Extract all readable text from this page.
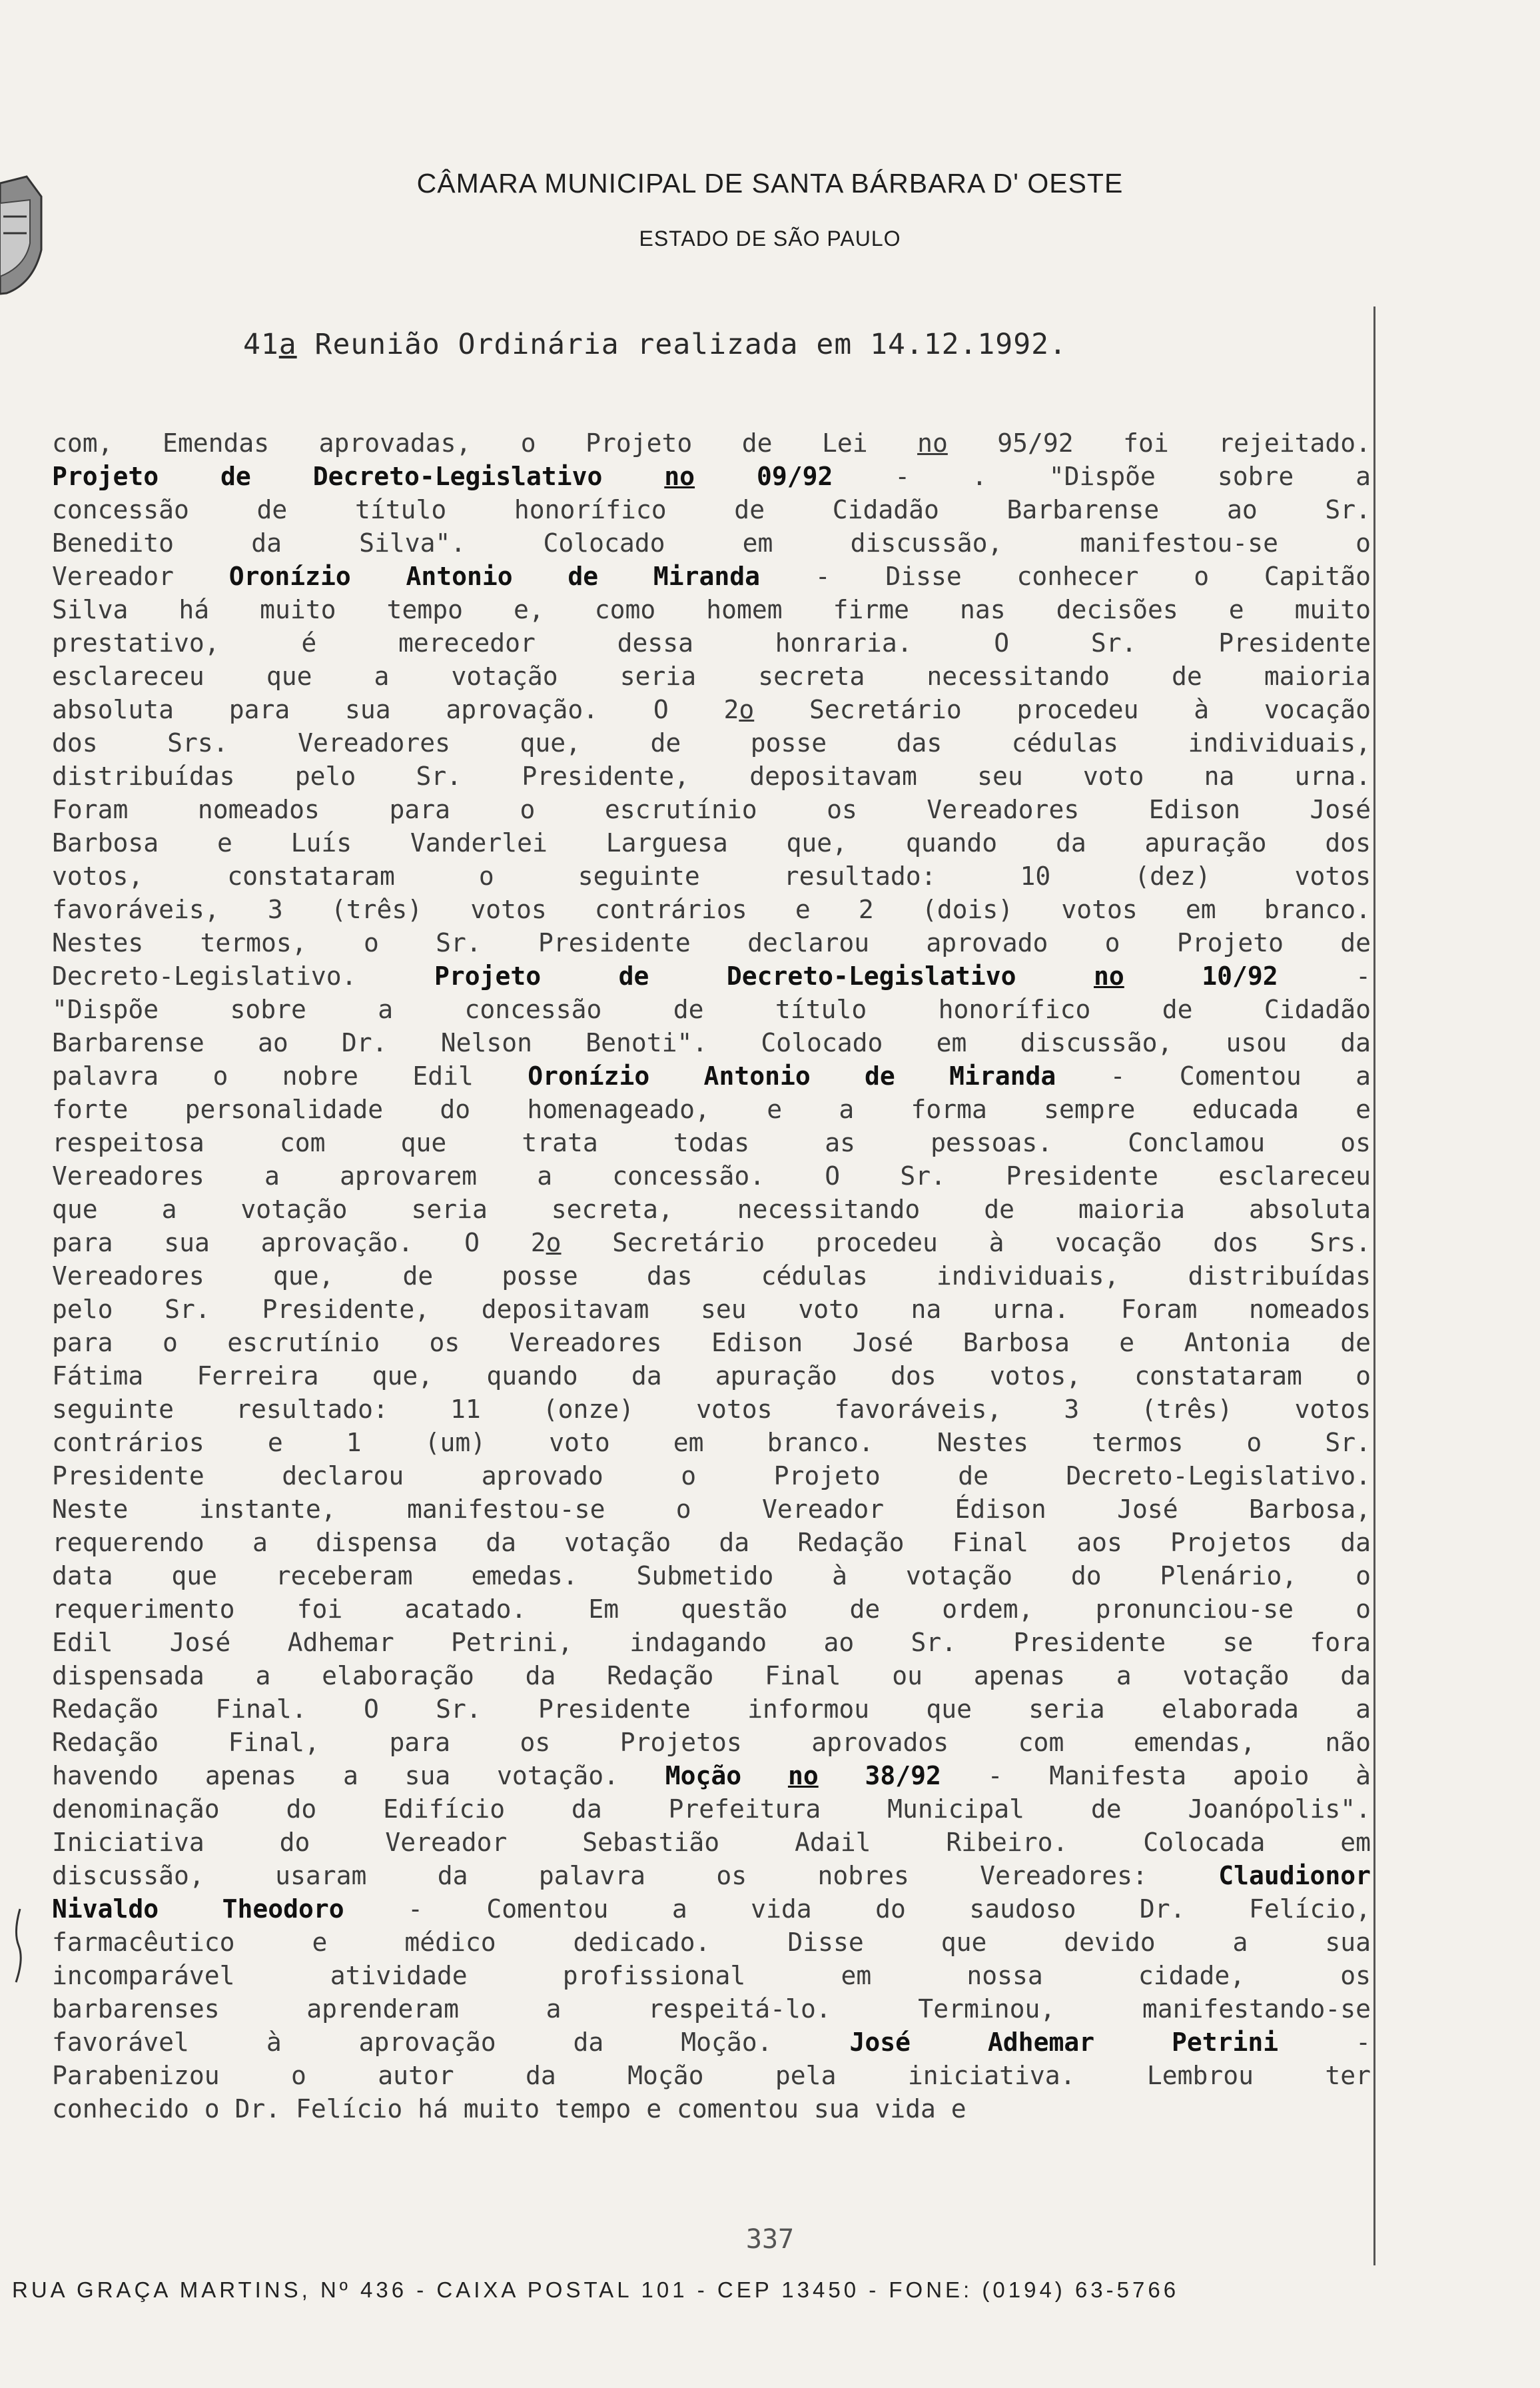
CÂMARA MUNICIPAL DE SANTA BÁRBARA D' OESTE
ESTADO DE SÃO PAULO
41a Reunião Ordinária realizada em 14.12.1992.
com, Emendas aprovadas, o Projeto de Lei no 95/92 foi rejeitado.
Projeto de Decreto-Legislativo no 09/92 - . "Dispõe sobre a
concessão de título honorífico de Cidadão Barbarense ao Sr.
Benedito da Silva". Colocado em discussão, manifestou-se o
Vereador Oronízio Antonio de Miranda - Disse conhecer o Capitão
Silva há muito tempo e, como homem firme nas decisões e muito
prestativo, é merecedor dessa honraria. O Sr. Presidente
esclareceu que a votação seria secreta necessitando de maioria
absoluta para sua aprovação. O 2o Secretário procedeu à vocação
dos Srs. Vereadores que, de posse das cédulas individuais,
distribuídas pelo Sr. Presidente, depositavam seu voto na urna.
Foram nomeados para o escrutínio os Vereadores Edison José
Barbosa e Luís Vanderlei Larguesa que, quando da apuração dos
votos, constataram o seguinte resultado: 10 (dez) votos
favoráveis, 3 (três) votos contrários e 2 (dois) votos em branco.
Nestes termos, o Sr. Presidente declarou aprovado o Projeto de
Decreto-Legislativo. Projeto de Decreto-Legislativo no 10/92 -
"Dispõe sobre a concessão de título honorífico de Cidadão
Barbarense ao Dr. Nelson Benoti". Colocado em discussão, usou da
palavra o nobre Edil Oronízio Antonio de Miranda - Comentou a
forte personalidade do homenageado, e a forma sempre educada e
respeitosa com que trata todas as pessoas. Conclamou os
Vereadores a aprovarem a concessão. O Sr. Presidente esclareceu
que a votação seria secreta, necessitando de maioria absoluta
para sua aprovação. O 2o Secretário procedeu à vocação dos Srs.
Vereadores que, de posse das cédulas individuais, distribuídas
pelo Sr. Presidente, depositavam seu voto na urna. Foram nomeados
para o escrutínio os Vereadores Edison José Barbosa e Antonia de
Fátima Ferreira que, quando da apuração dos votos, constataram o
seguinte resultado: 11 (onze) votos favoráveis, 3 (três) votos
contrários e 1 (um) voto em branco. Nestes termos o Sr.
Presidente declarou aprovado o Projeto de Decreto-Legislativo.
Neste instante, manifestou-se o Vereador Édison José Barbosa,
requerendo a dispensa da votação da Redação Final aos Projetos da
data que receberam emedas. Submetido à votação do Plenário, o
requerimento foi acatado. Em questão de ordem, pronunciou-se o
Edil José Adhemar Petrini, indagando ao Sr. Presidente se fora
dispensada a elaboração da Redação Final ou apenas a votação da
Redação Final. O Sr. Presidente informou que seria elaborada a
Redação Final, para os Projetos aprovados com emendas, não
havendo apenas a sua votação. Moção no 38/92 - Manifesta apoio à
denominação do Edifício da Prefeitura Municipal de Joanópolis".
Iniciativa do Vereador Sebastião Adail Ribeiro. Colocada em
discussão, usaram da palavra os nobres Vereadores: Claudionor
Nivaldo Theodoro - Comentou a vida do saudoso Dr. Felício,
farmacêutico e médico dedicado. Disse que devido a sua
incomparável atividade profissional em nossa cidade, os
barbarenses aprenderam a respeitá-lo. Terminou, manifestando-se
favorável à aprovação da Moção. José Adhemar Petrini -
Parabenizou o autor da Moção pela iniciativa. Lembrou ter
conhecido o Dr. Felício há muito tempo e comentou sua vida e
337
RUA GRAÇA MARTINS, Nº 436 - CAIXA POSTAL 101 - CEP 13450 - FONE: (0194) 63-5766
